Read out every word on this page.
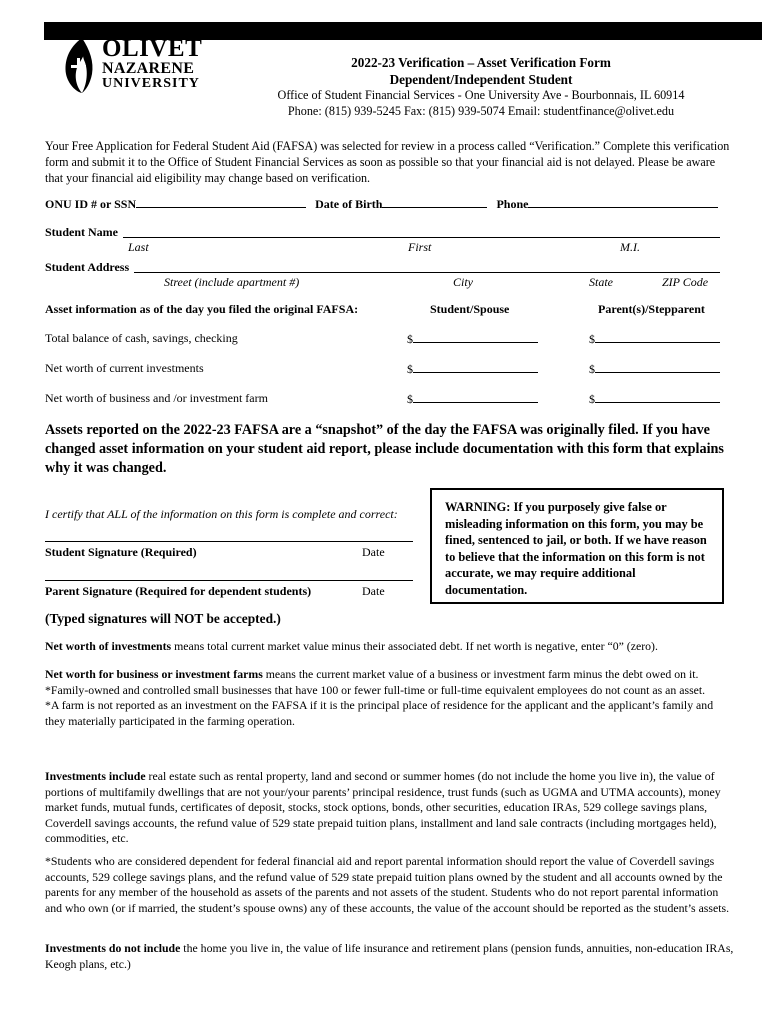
OLIVET
NAZARENE
UNIVERSITY
2022-23 Verification – Asset Verification Form
Dependent/Independent Student
Office of Student Financial Services - One University Ave - Bourbonnais, IL 60914
Phone: (815) 939-5245 Fax: (815) 939-5074 Email: studentfinance@olivet.edu
Your Free Application for Federal Student Aid (FAFSA) was selected for review in a process called “Verification.” Complete this verification form and submit it to the Office of Student Financial Services as soon as possible so that your financial aid is not delayed. Please be aware that your financial aid eligibility may change based on verification.
ONU ID # or SSN	Date of Birth	Phone
Student Name
Last	First	M.I.
Student Address
Street (include apartment #)	City	State	ZIP Code
Asset information as of the day you filed the original FAFSA:	Student/Spouse	Parent(s)/Stepparent
Total balance of cash, savings, checking	$	$
Net worth of current investments	$	$
Net worth of business and /or investment farm	$	$
Assets reported on the 2022-23 FAFSA are a “snapshot” of the day the FAFSA was originally filed. If you have changed asset information on your student aid report, please include documentation with this form that explains why it was changed.
I certify that ALL of the information on this form is complete and correct:
Student Signature (Required)	Date
Parent Signature (Required for dependent students)	Date
WARNING: If you purposely give false or misleading information on this form, you may be fined, sentenced to jail, or both. If we have reason to believe that the information on this form is not accurate, we may require additional documentation.
(Typed signatures will NOT be accepted.)
Net worth of investments means total current market value minus their associated debt. If net worth is negative, enter “0” (zero).
Net worth for business or investment farms means the current market value of a business or investment farm minus the debt owed on it.
*Family-owned and controlled small businesses that have 100 or fewer full-time or full-time equivalent employees do not count as an asset.
*A farm is not reported as an investment on the FAFSA if it is the principal place of residence for the applicant and the applicant’s family and they materially participated in the farming operation.
Investments include real estate such as rental property, land and second or summer homes (do not include the home you live in), the value of portions of multifamily dwellings that are not your/your parents’ principal residence, trust funds (such as UGMA and UTMA accounts), money market funds, mutual funds, certificates of deposit, stocks, stock options, bonds, other securities, education IRAs, 529 college savings plans, Coverdell savings accounts, the refund value of 529 state prepaid tuition plans, installment and land sale contracts (including mortgages held), commodities, etc.
*Students who are considered dependent for federal financial aid and report parental information should report the value of Coverdell savings accounts, 529 college savings plans, and the refund value of 529 state prepaid tuition plans owned by the student and all accounts owned by the parents for any member of the household as assets of the parents and not assets of the student. Students who do not report parental information and who own (or if married, the student’s spouse owns) any of these accounts, the value of the account should be reported as the student’s assets.
Investments do not include the home you live in, the value of life insurance and retirement plans (pension funds, annuities, non-education IRAs, Keogh plans, etc.)
